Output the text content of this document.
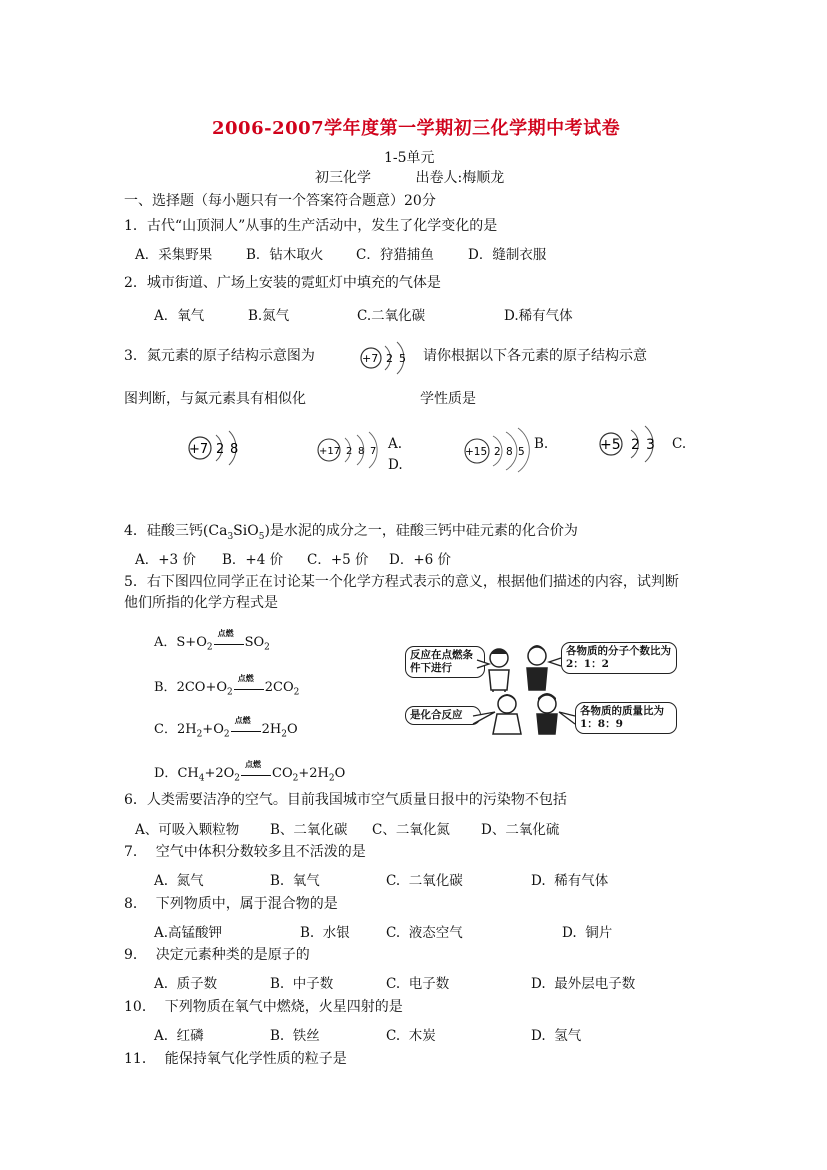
2006-2007学年度第一学期初三化学期中考试卷
1-5单元
初三化学          出卷人:梅顺龙
一、选择题（每小题只有一个答案符合题意）20分
1．古代“山顶洞人”从事的生产活动中，发生了化学变化的是
A．采集野果	B．钻木取火 C．狩猎捕鱼	D．缝制衣服
2．城市街道、广场上安装的霓虹灯中填充的气体是
A．氧气	B.氮气	C.二氧化碳	D.稀有气体
3．氮元素的原子结构示意图为	+7 2 5 请你根据以下各元素的原子结构示意
图判断，与氮元素具有相似化	学性质是
+7 2 8	+17 2 8 7 A.
D.
+15 2 8 5 B.	+5 2 3 C.
4．硅酸三钙$(Ca_3SiO_5)$是水泥的成分之一，硅酸三钙中硅元素的化合价为
A．+3 价 B．+4 价 C．+5 价 D．+6 价
5．右下图四位同学正在讨论某一个化学方程式表示的意义，根据他们描述的内容，试判断
他们所指的化学方程式是
A．$S+O_2$
点燃
$SO_2$
B．$2CO+O_2$
点燃
$2CO_2$
C．$2H_2+O_2$
点燃
$2H_2O$
D．$CH_4+2O_2$
点燃
$CO_2+2H_2O$
反应在点燃条件下进行
各物质的分子个数比为2：1：2
是化合反应	各物质的质量比为1：8：9
6．人类需要洁净的空气。目前我国城市空气质量日报中的污染物不包括
A、可吸入颗粒物 B、二氧化碳 C、二氧化氮 D、二氧化硫
7．  空气中体积分数较多且不活泼的是
A.  氮气	B.  氧气	C.  二氧化碳	D.  稀有气体
8．  下列物质中，属于混合物的是
A.高锰酸钾	B.  水银	C.  液态空气	D.  铜片
9．  决定元素种类的是原子的
A.  质子数	B.  中子数	C.  电子数	D.  最外层电子数
10．  下列物质在氧气中燃烧，火星四射的是
A.  红磷	B.  铁丝	C.  木炭	D.  氢气
11．  能保持氧气化学性质的粒子是
